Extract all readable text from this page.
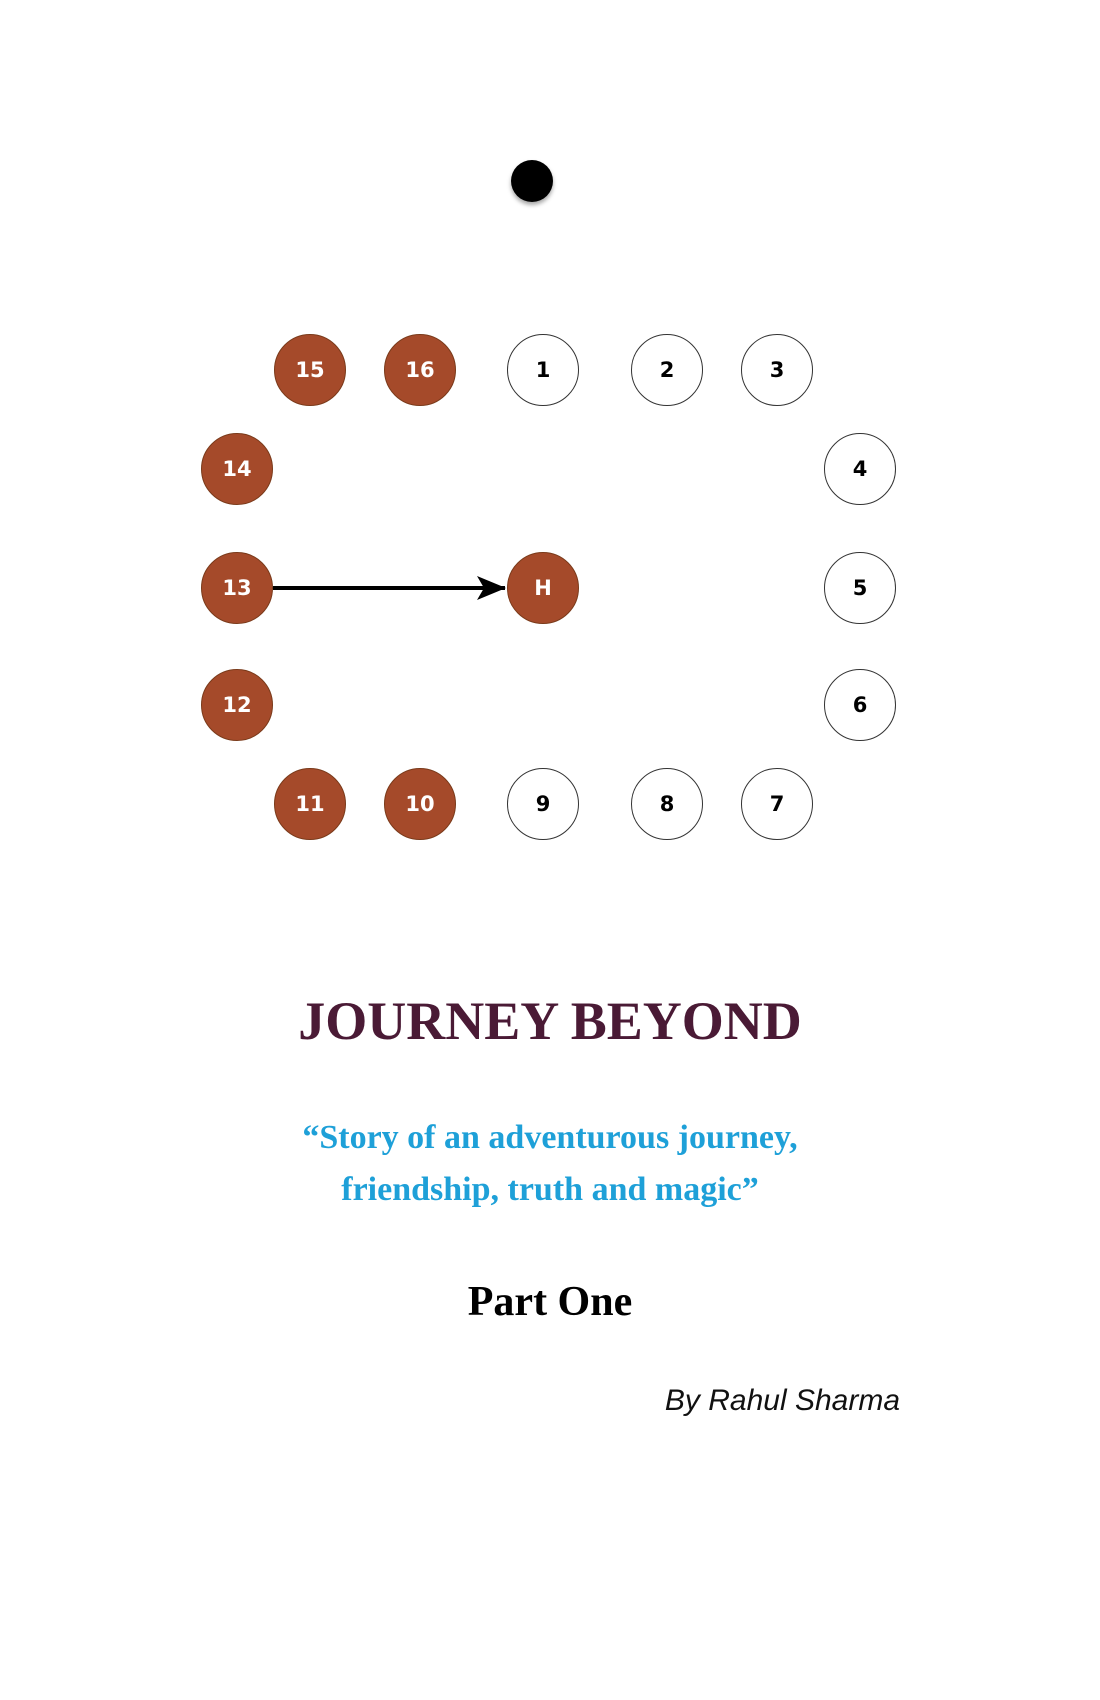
1	2	3
4
5
6
7
8
9
10
11
12
13
14
15	16
H
JOURNEY BEYOND

“Story of an adventurous journey,
friendship, truth and magic”

Part One

By Rahul Sharma
